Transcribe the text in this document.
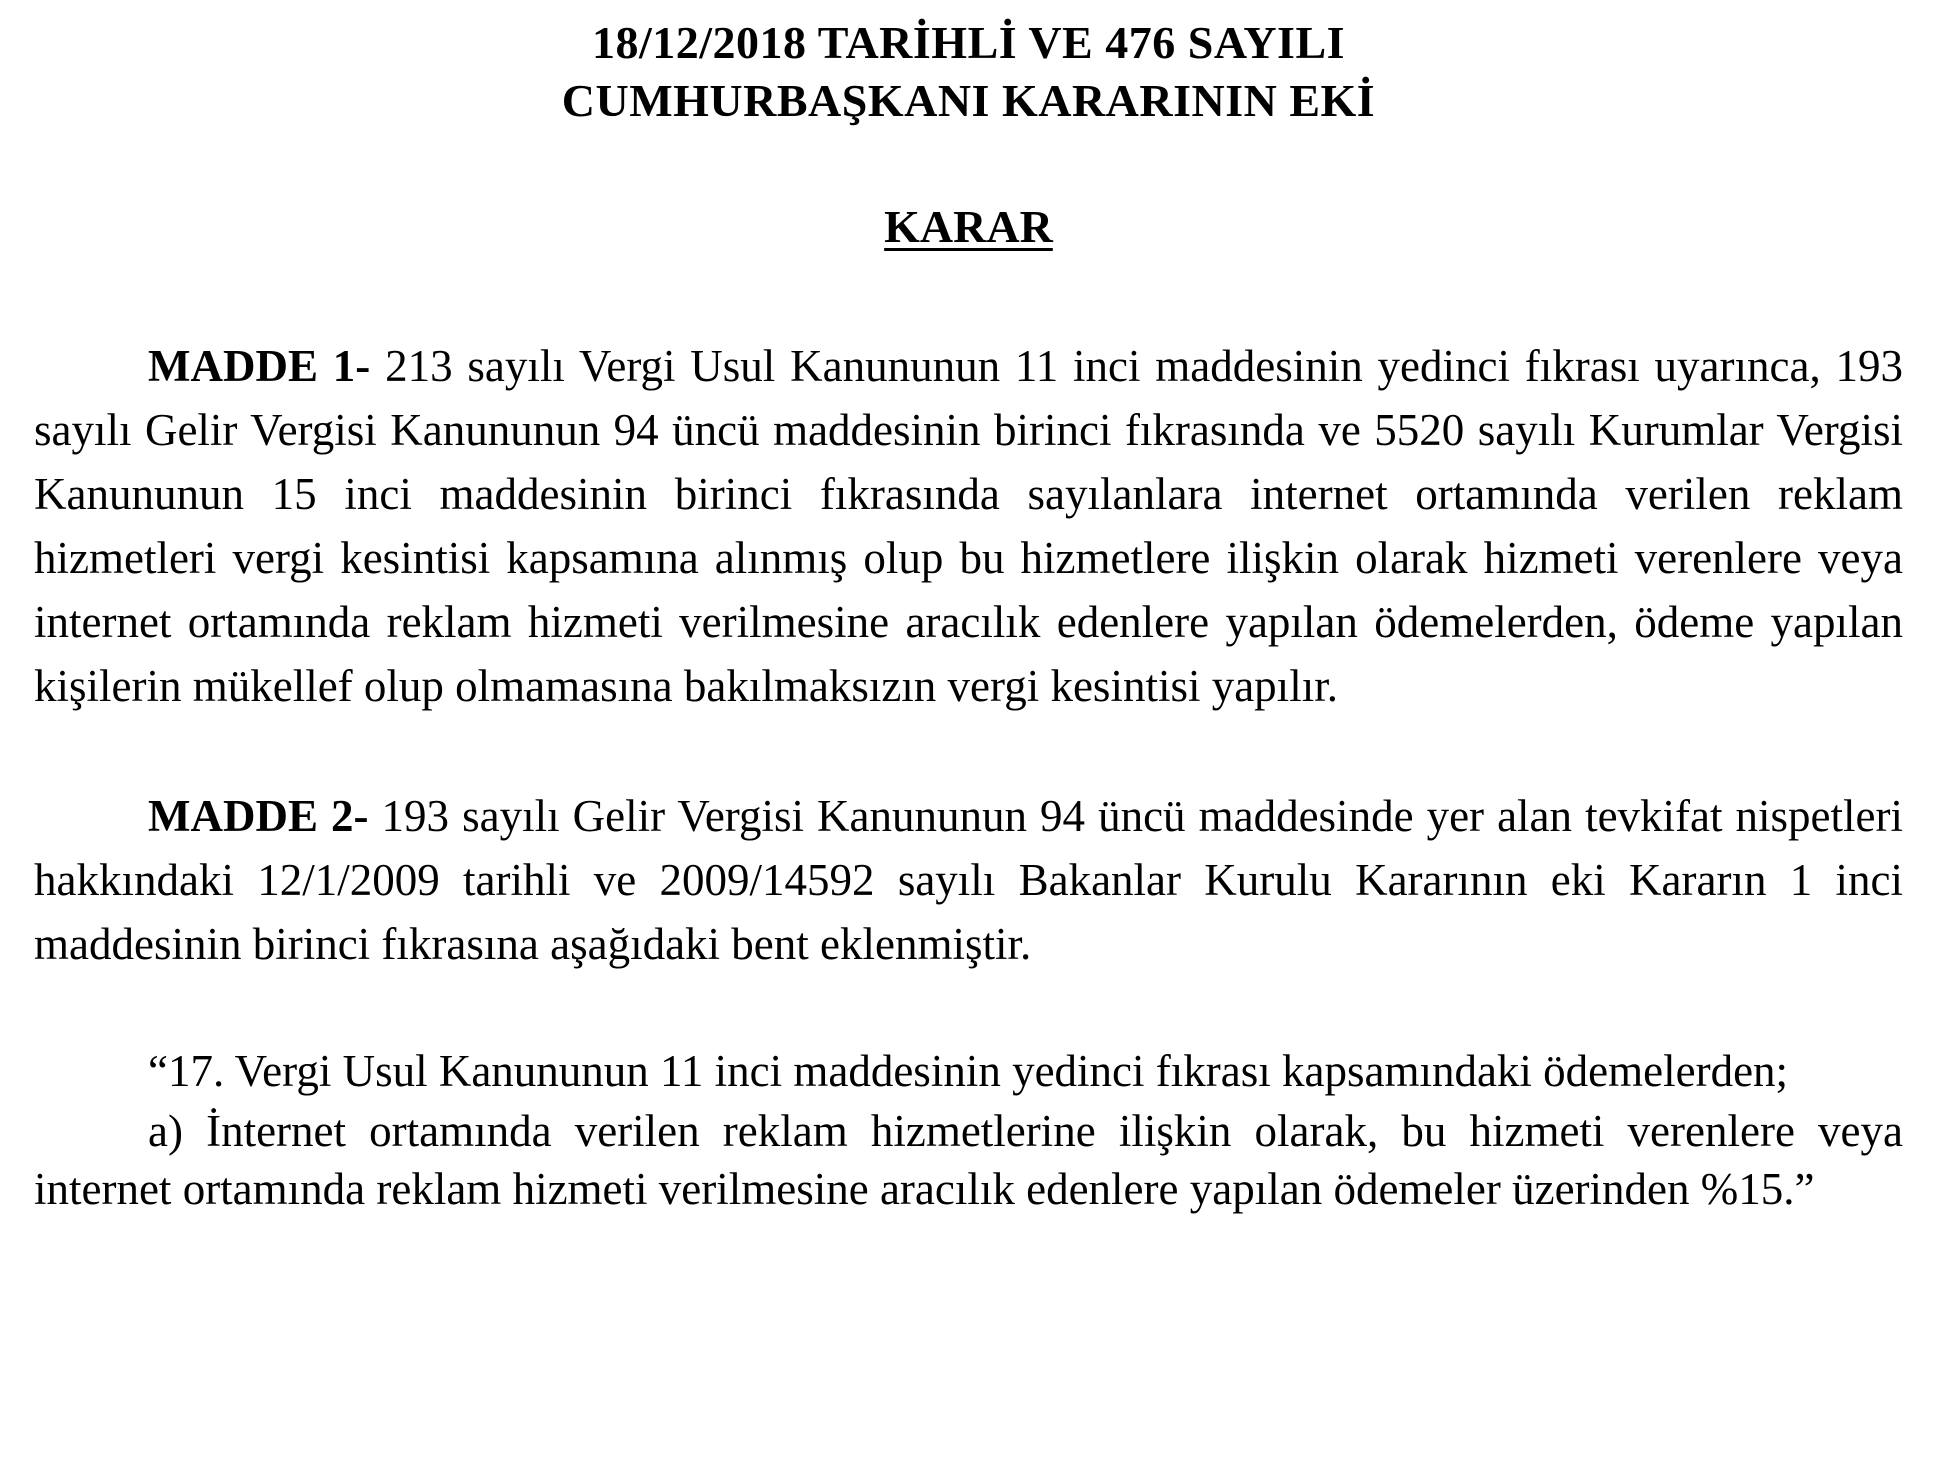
18/12/2018 TARİHLİ VE 476 SAYILI

CUMHURBAŞKANI KARARININ EKİ

KARAR

MADDE 1- 213 sayılı Vergi Usul Kanununun 11 inci maddesinin yedinci fıkrası uyarınca, 193 sayılı Gelir Vergisi Kanununun 94 üncü maddesinin birinci fıkrasında ve 5520 sayılı Kurumlar Vergisi Kanununun 15 inci maddesinin birinci fıkrasında sayılanlara internet ortamında verilen reklam hizmetleri vergi kesintisi kapsamına alınmış olup bu hizmetlere ilişkin olarak hizmeti verenlere veya internet ortamında reklam hizmeti verilmesine aracılık edenlere yapılan ödemelerden, ödeme yapılan kişilerin mükellef olup olmamasına bakılmaksızın vergi kesintisi yapılır.

MADDE 2- 193 sayılı Gelir Vergisi Kanununun 94 üncü maddesinde yer alan tevkifat nispetleri hakkındaki 12/1/2009 tarihli ve 2009/14592 sayılı Bakanlar Kurulu Kararının eki Kararın 1 inci maddesinin birinci fıkrasına aşağıdaki bent eklenmiştir.

“17. Vergi Usul Kanununun 11 inci maddesinin yedinci fıkrası kapsamındaki ödemelerden;

a) İnternet ortamında verilen reklam hizmetlerine ilişkin olarak, bu hizmeti verenlere veya internet ortamında reklam hizmeti verilmesine aracılık edenlere yapılan ödemeler üzerinden %15.”
